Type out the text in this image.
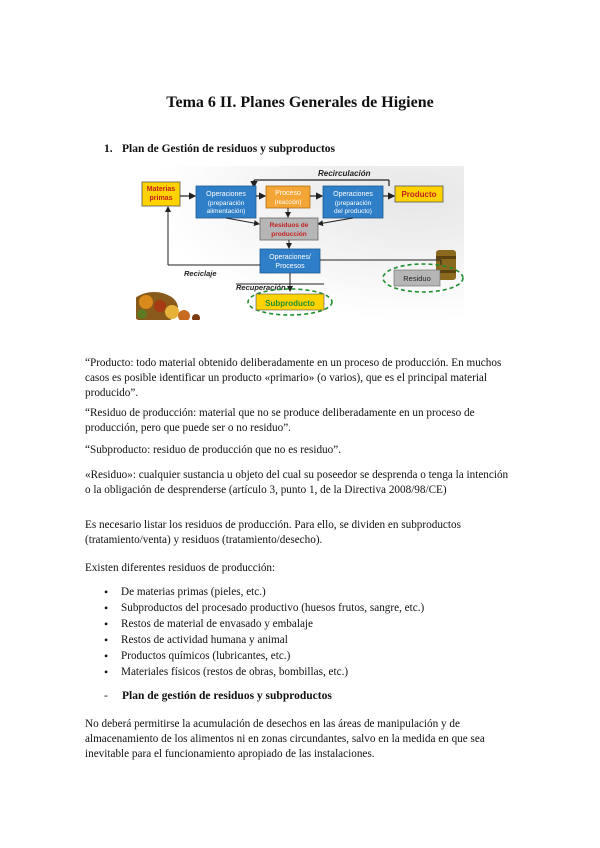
Tema 6 II. Planes Generales de Higiene
1. Plan de Gestión de residuos y subproductos
Recirculación
Materias
primas
Operaciones
(preparación
alimentación)
Proceso
(reacción)
Operaciones
(preparación
del producto)
Producto
Residuos de
producción
Operaciones/
Procesos
Reciclaje
Recuperación
Subproducto
Residuo
“Producto: todo material obtenido deliberadamente en un proceso de producción. En muchos casos es posible identificar un producto «primario» (o varios), que es el principal material producido”.
“Residuo de producción: material que no se produce deliberadamente en un proceso de producción, pero que puede ser o no residuo”.
“Subproducto: residuo de producción que no es residuo”.
«Residuo»: cualquier sustancia u objeto del cual su poseedor se desprenda o tenga la intención o la obligación de desprenderse (artículo 3, punto 1, de la Directiva 2008/98/CE)
Es necesario listar los residuos de producción. Para ello, se dividen en subproductos (tratamiento/venta) y residuos (tratamiento/desecho).
Existen diferentes residuos de producción:
• De materias primas (pieles, etc.)
• Subproductos del procesado productivo (huesos frutos, sangre, etc.)
• Restos de material de envasado y embalaje
• Restos de actividad humana y animal
• Productos químicos (lubricantes, etc.)
• Materiales físicos (restos de obras, bombillas, etc.)
- Plan de gestión de residuos y subproductos
No deberá permitirse la acumulación de desechos en las áreas de manipulación y de almacenamiento de los alimentos ni en zonas circundantes, salvo en la medida en que sea inevitable para el funcionamiento apropiado de las instalaciones.
